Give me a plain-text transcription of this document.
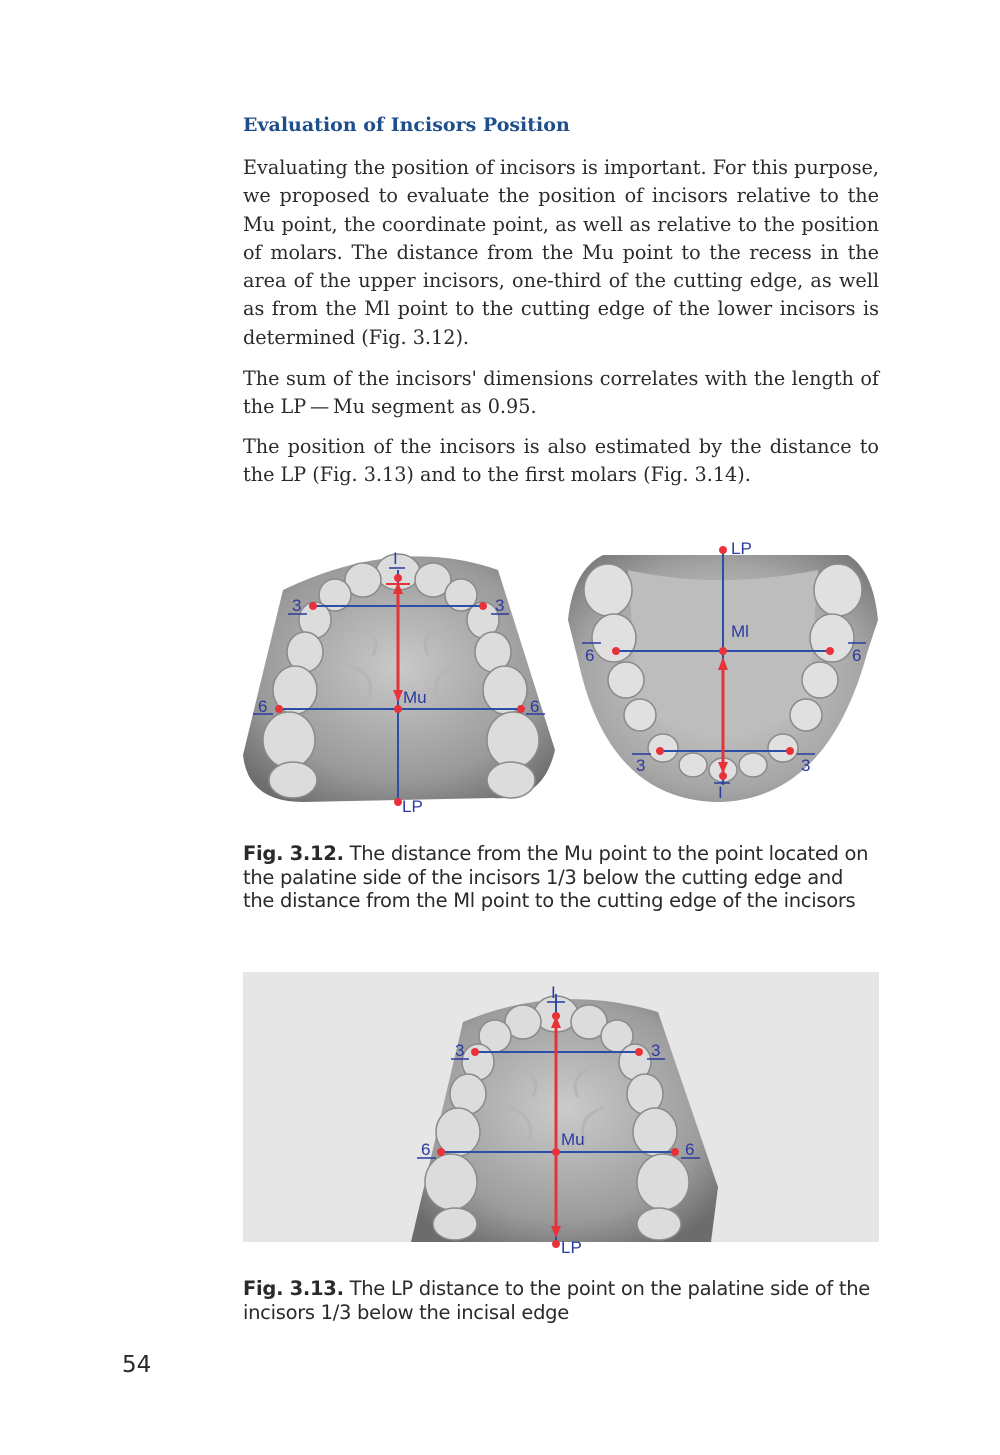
Evaluation of Incisors Position

Evaluating the position of incisors is important. For this purpose, we proposed to evaluate the position of incisors relative to the Mu point, the coordinate point, as well as relative to the position of molars. The distance from the Mu point to the recess in the area of the upper incisors, one-third of the cutting edge, as well as from the Ml point to the cutting edge of the lower incisors is determined (Fig. 3.12).

The sum of the incisors' dimensions correlates with the length of the LP — Mu segment as 0.95.

The position of the incisors is also estimated by the distance to the LP (Fig. 3.13) and to the first molars (Fig. 3.14).

I
3	3
6	6
Mu
LP
LP
Ml
6	6
3	3
I

Fig. 3.12. The distance from the Mu point to the point located on the palatine side of the incisors 1/3 below the cutting edge and the distance from the Ml point to the cutting edge of the incisors

I
3	3
6	6
Mu
LP

Fig. 3.13. The LP distance to the point on the palatine side of the incisors 1/3 below the incisal edge

54
